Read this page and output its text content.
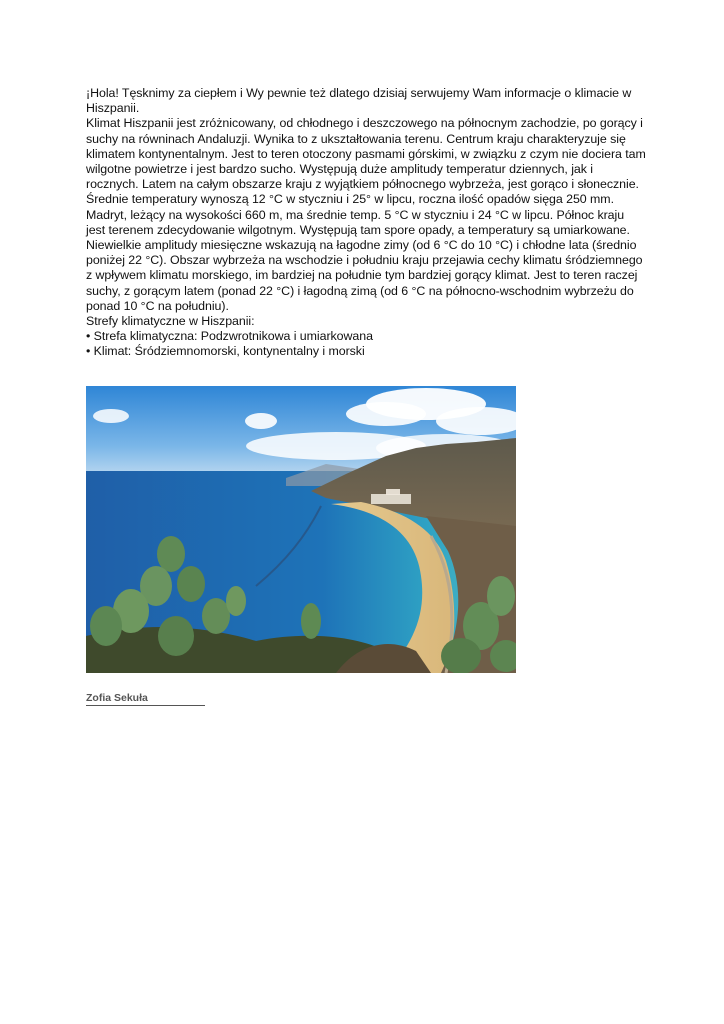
¡Hola! Tęsknimy za ciepłem i Wy pewnie też dlatego dzisiaj serwujemy Wam informacje o klimacie w Hiszpanii.

Klimat Hiszpanii jest zróżnicowany, od chłodnego i deszczowego na północnym zachodzie, po gorący i suchy na równinach Andaluzji. Wynika to z ukształtowania terenu. Centrum kraju charakteryzuje się klimatem kontynentalnym. Jest to teren otoczony pasmami górskimi, w związku z czym nie dociera tam wilgotne powietrze i jest bardzo sucho. Występują duże amplitudy temperatur dziennych, jak i rocznych. Latem na całym obszarze kraju z wyjątkiem północnego wybrzeża, jest gorąco i słonecznie. Średnie temperatury wynoszą 12 °C w styczniu i 25° w lipcu, roczna ilość opadów sięga 250 mm. Madryt, leżący na wysokości 660 m, ma średnie temp. 5 °C w styczniu i 24 °C w lipcu. Północ kraju jest terenem zdecydowanie wilgotnym. Występują tam spore opady, a temperatury są umiarkowane. Niewielkie amplitudy miesięczne wskazują na łagodne zimy (od 6 °C do 10 °C) i chłodne lata (średnio poniżej 22 °C). Obszar wybrzeża na wschodzie i południu kraju przejawia cechy klimatu śródziemnego z wpływem klimatu morskiego, im bardziej na południe tym bardziej gorący klimat. Jest to teren raczej suchy, z gorącym latem (ponad 22 °C) i łagodną zimą (od 6 °C na północno-wschodnim wybrzeżu do ponad 10 °C na południu).

Strefy klimatyczne w Hiszpanii:

• Strefa klimatyczna: Podzwrotnikowa i umiarkowana

• Klimat: Śródziemnomorski, kontynentalny i morski

Zofia Sekuła
